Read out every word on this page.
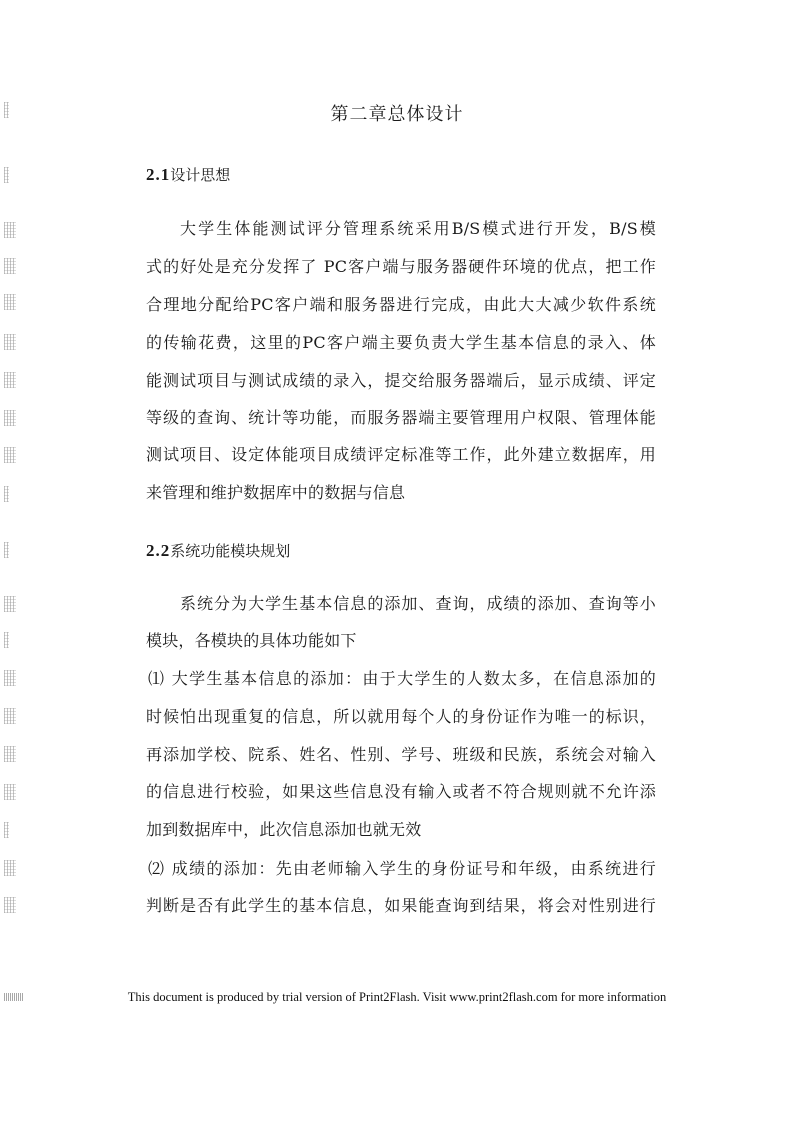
第二章总体设计
2.1设计思想
大学生体能测试评分管理系统采用B/S模式进行开发，B/S模
式的好处是充分发挥了 PC客户端与服务器硬件环境的优点，把工作
合理地分配给PC客户端和服务器进行完成，由此大大减少软件系统
的传输花费，这里的PC客户端主要负责大学生基本信息的录入、体
能测试项目与测试成绩的录入，提交给服务器端后，显示成绩、评定
等级的查询、统计等功能，而服务器端主要管理用户权限、管理体能
测试项目、设定体能项目成绩评定标准等工作，此外建立数据库，用
来管理和维护数据库中的数据与信息
2.2系统功能模块规划
系统分为大学生基本信息的添加、查询，成绩的添加、查询等小
模块，各模块的具体功能如下
⑴ 大学生基本信息的添加：由于大学生的人数太多，在信息添加的
时候怕出现重复的信息，所以就用每个人的身份证作为唯一的标识，
再添加学校、院系、姓名、性别、学号、班级和民族，系统会对输入
的信息进行校验，如果这些信息没有输入或者不符合规则就不允许添
加到数据库中，此次信息添加也就无效
⑵ 成绩的添加：先由老师输入学生的身份证号和年级，由系统进行
判断是否有此学生的基本信息，如果能查询到结果，将会对性别进行
This document is produced by trial version of Print2Flash. Visit www.print2flash.com for more information
